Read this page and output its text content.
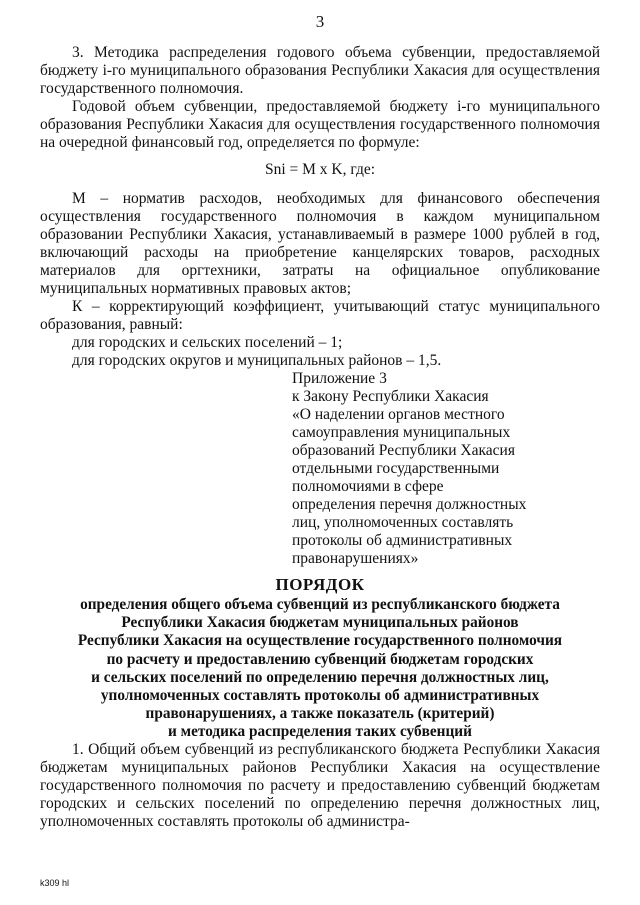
3

3. Методика распределения годового объема субвенции, предоставляемой бюджету i-го муниципального образования Республики Хакасия для осуществления государственного полномочия.

Годовой объем субвенции, предоставляемой бюджету i-го муниципального образования Республики Хакасия для осуществления государственного полномочия на очередной финансовый год, определяется по формуле:

Sni = M x K, где:

М – норматив расходов, необходимых для финансового обеспечения осуществления государственного полномочия в каждом муниципальном образовании Республики Хакасия, устанавливаемый в размере 1000 рублей в год, включающий расходы на приобретение канцелярских товаров, расходных материалов для оргтехники, затраты на официальное опубликование муниципальных нормативных правовых актов;

К – корректирующий коэффициент, учитывающий статус муниципального образования, равный:

для городских и сельских поселений – 1;

для городских округов и муниципальных районов – 1,5.

Приложение 3
к Закону Республики Хакасия
«О наделении органов местного
самоуправления муниципальных
образований Республики Хакасия
отдельными государственными
полномочиями в сфере
определения перечня должностных
лиц, уполномоченных составлять
протоколы об административных
правонарушениях»
ПОРЯДОК
определения общего объема субвенций из республиканского бюджета
Республики Хакасия бюджетам муниципальных районов
Республики Хакасия на осуществление государственного полномочия
по расчету и предоставлению субвенций бюджетам городских
и сельских поселений по определению перечня должностных лиц,
уполномоченных составлять протоколы об административных
правонарушениях, а также показатель (критерий)
и методика распределения таких субвенций

1. Общий объем субвенций из республиканского бюджета Республики Хакасия бюджетам муниципальных районов Республики Хакасия на осуществление государственного полномочия по расчету и предоставлению субвенций бюджетам городских и сельских поселений по определению перечня должностных лиц, уполномоченных составлять протоколы об администра-

k309 hl
